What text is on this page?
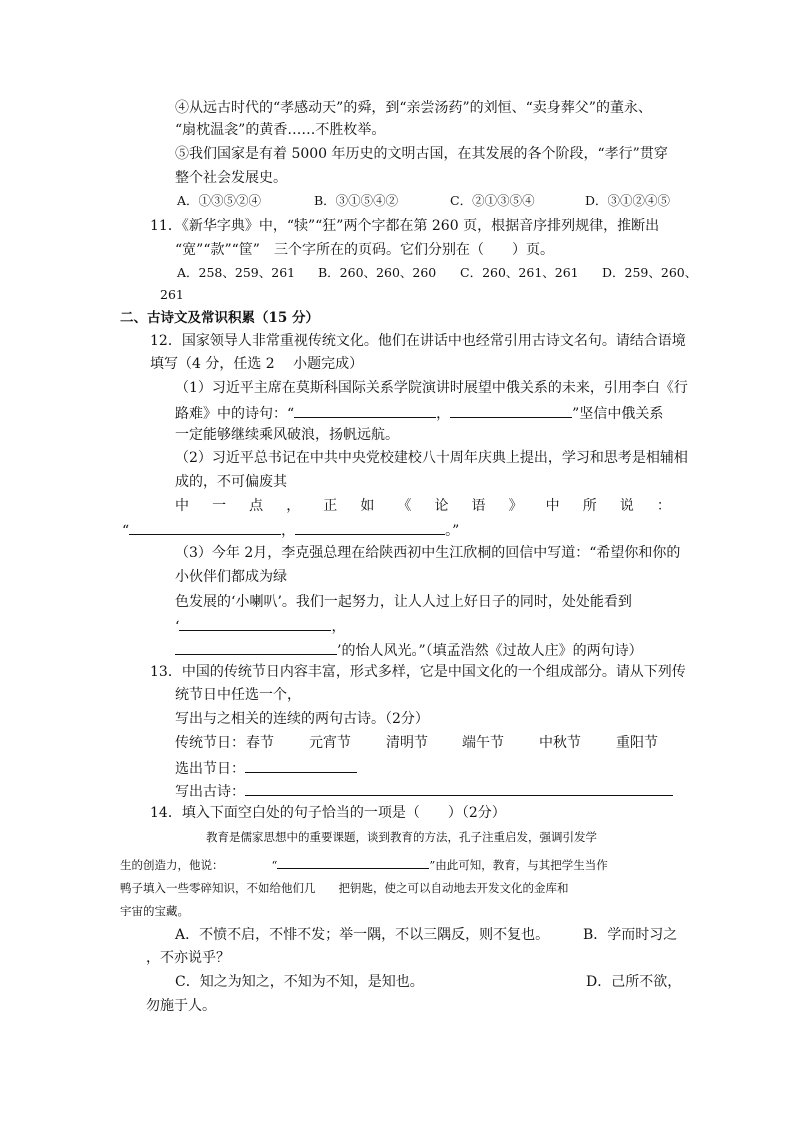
④从远古时代的“孝感动天”的舜，到“亲尝汤药”的刘恒、“卖身葬父”的董永、
“扇枕温衾”的黄香……不胜枚举。
⑤我们国家是有着 5000 年历史的文明古国，在其发展的各个阶段，“孝行”贯穿
整个社会发展史。
A．①③⑤②④	B．③①⑤④②	C．②①③⑤④	D．③①②④⑤
11．《新华字典》中，“犊”“狂”两个字都在第 260 页，根据音序排列规律，推断出
“宽”“款”“筐”　三个字所在的页码。它们分别在（　　）页。
A．258、259、261 B．260、260、260 C．260、261、261 D．259、260、
261
二、古诗文及常识积累（15 分）
12．国家领导人非常重视传统文化。他们在讲话中也经常引用古诗文名句。请结合语境
填写（4 分，任选 2　 小题完成）
（1）习近平主席在莫斯科国际关系学院演讲时展望中俄关系的未来，引用李白《行
路难》中的诗句：“	，	”坚信中俄关系
一定能够继续乘风破浪，扬帆远航。
（2）习近平总书记在中共中央党校建校八十周年庆典上提出，学习和思考是相辅相
成的，不可偏废其
中 一 点 ， 正 如 《 论 语 》 中 所 说 ：
“	，	。”
（3）今年 2月，李克强总理在给陕西初中生江欣桐的回信中写道：“希望你和你的
小伙伴们都成为绿
色发展的‘小喇叭’。我们一起努力，让人人过上好日子的同时，处处能看到
‘	，
’的怡人风光。”（填孟浩然《过故人庄》的两句诗）
13．中国的传统节日内容丰富，形式多样，它是中国文化的一个组成部分。请从下列传
统节日中任选一个，
写出与之相关的连续的两句古诗。（2分）
传统节日： 春节	元宵节	清明节 端午节	中秋节	重阳节
选出节日：
写出古诗：
14．填入下面空白处的句子恰当的一项是（　　）（2分）
教育是儒家思想中的重要课题，谈到教育的方法，孔子注重启发，强调引发学
生的创造力，他说：	“	”由此可知，教育，与其把学生当作
鸭子填入一些零碎知识，不如给他们几　　把钥匙，使之可以自动地去开发文化的金库和
宇宙的宝藏。
A．不愤不启，不悱不发；举一隅，不以三隅反，则不复也。 B．学而时习之
，不亦说乎？
C．知之为知之，不知为不知，是知也。	D．己所不欲，
勿施于人。
